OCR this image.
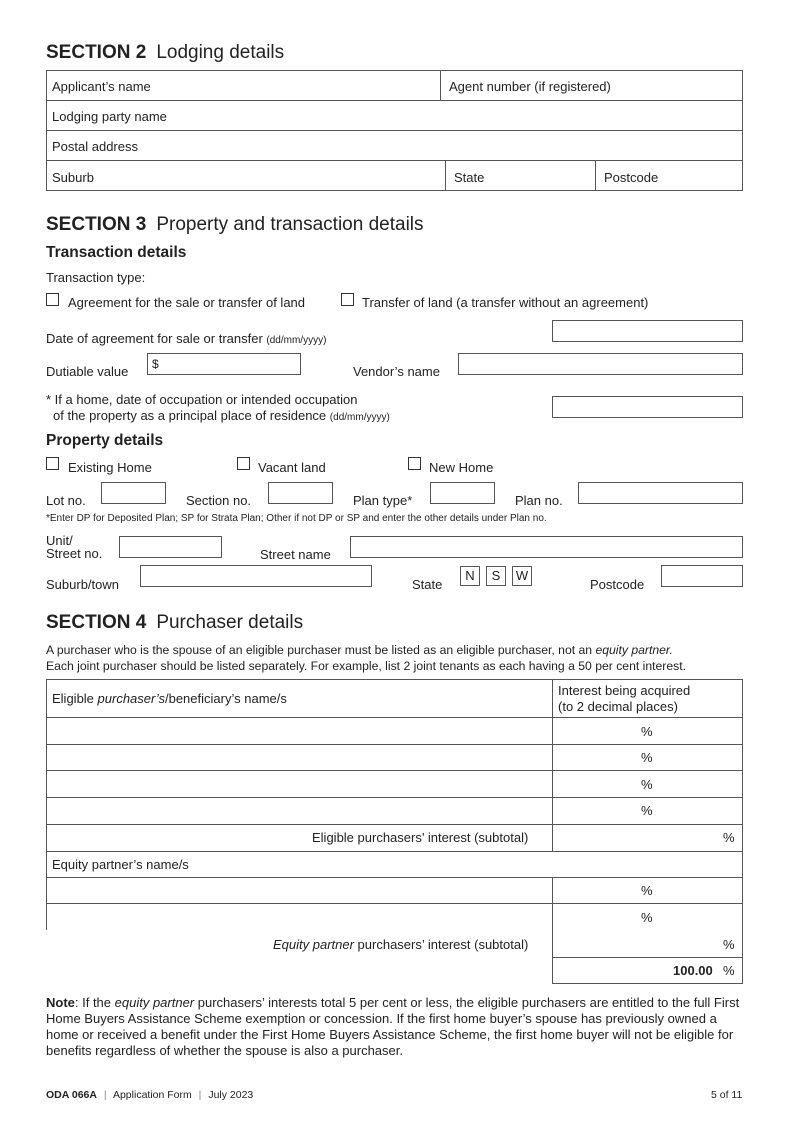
SECTION 2 Lodging details
Applicant’s name	Agent number (if registered)
Lodging party name
Postal address
Suburb	State	Postcode
SECTION 3 Property and transaction details
Transaction details
Transaction type:
Agreement for the sale or transfer of land	Transfer of land (a transfer without an agreement)
Date of agreement for sale or transfer (dd/mm/yyyy)
Dutiable value $	Vendor’s name
* If a home, date of occupation or intended occupation
of the property as a principal place of residence (dd/mm/yyyy)
Property details
Existing Home	Vacant land	New Home
Lot no.	Section no.	Plan type*	Plan no.
*Enter DP for Deposited Plan; SP for Strata Plan; Other if not DP or SP and enter the other details under Plan no.
Unit/
Street no.	Street name
Suburb/town	State
N	S	W
Postcode
SECTION 4 Purchaser details
A purchaser who is the spouse of an eligible purchaser must be listed as an eligible purchaser, not an equity partner.
Each joint purchaser should be listed separately. For example, list 2 joint tenants as each having a 50 per cent interest.
Eligible purchaser’s/beneficiary’s name/s
Interest being acquired
(to 2 decimal places)
%
%
%
%
Eligible purchasers’ interest (subtotal)	%
Equity partner’s name/s
%
%
Equity partner purchasers’ interest (subtotal)	%
100.00 %
Note: If the equity partner purchasers’ interests total 5 per cent or less, the eligible purchasers are entitled to the full First Home Buyers Assistance Scheme exemption or concession. If the first home buyer’s spouse has previously owned a home or received a benefit under the First Home Buyers Assistance Scheme, the first home buyer will not be eligible for benefits regardless of whether the spouse is also a purchaser.
ODA 066A | Application Form | July 2023	5 of 11
